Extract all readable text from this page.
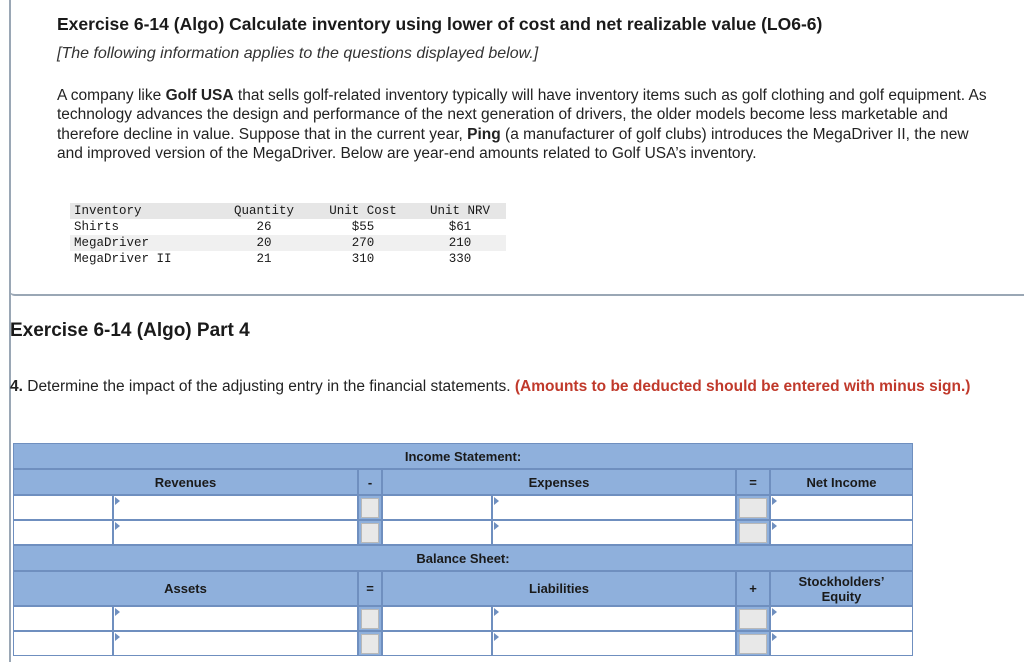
Exercise 6-14 (Algo) Calculate inventory using lower of cost and net realizable value (LO6-6)
[The following information applies to the questions displayed below.]
A company like Golf USA that sells golf-related inventory typically will have inventory items such as golf clothing and golf equipment. As technology advances the design and performance of the next generation of drivers, the older models become less marketable and therefore decline in value. Suppose that in the current year, Ping (a manufacturer of golf clubs) introduces the MegaDriver II, the new and improved version of the MegaDriver. Below are year-end amounts related to Golf USA’s inventory.
Inventory	Quantity	Unit Cost	Unit NRV
Shirts	26	$55	$61
MegaDriver	20	270	210
MegaDriver II	21	310	330
Exercise 6-14 (Algo) Part 4
4. Determine the impact of the adjusting entry in the financial statements. (Amounts to be deducted should be entered with minus sign.)
Income Statement:
Revenues	-	Expenses	=	Net Income
Balance Sheet:
Assets	=	Liabilities	+	Stockholders’ Equity
